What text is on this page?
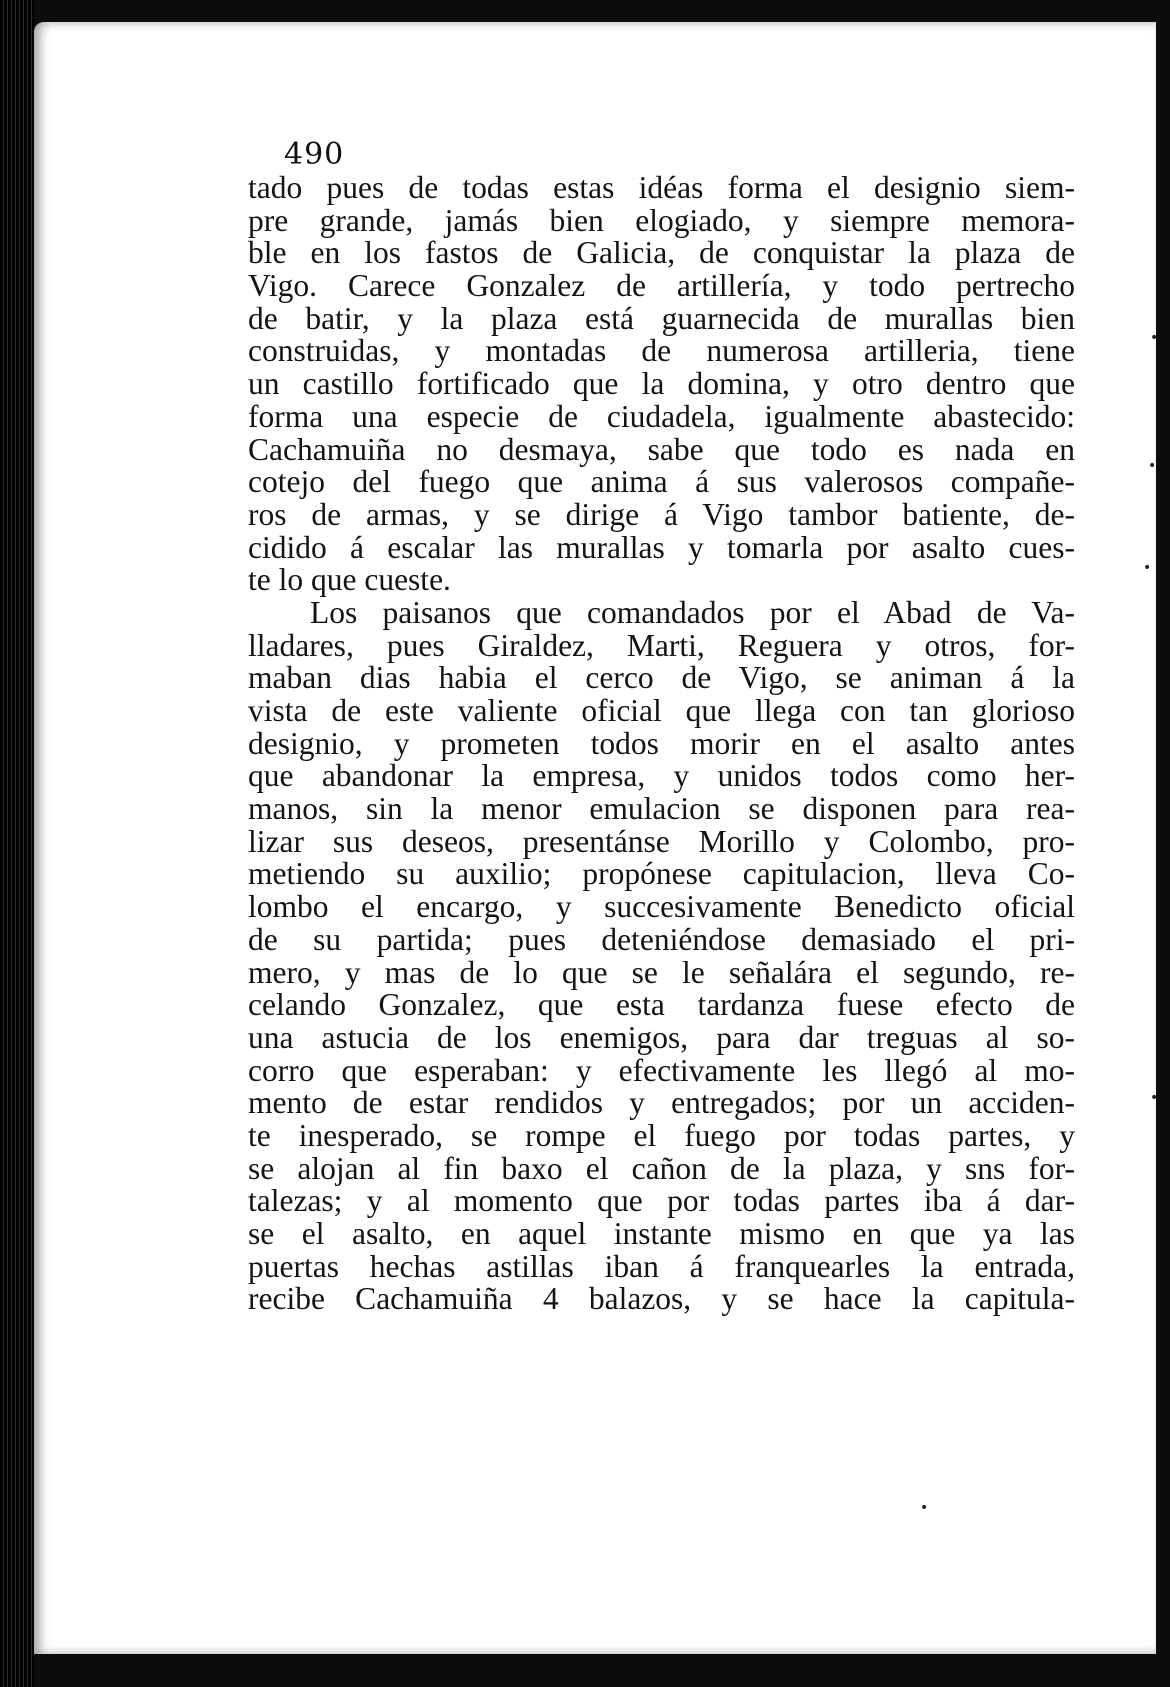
490
tado pues de todas estas idéas forma el designio siem-
pre grande, jamás bien elogiado, y siempre memora-
ble en los fastos de Galicia, de conquistar la plaza de
Vigo. Carece Gonzalez de artillería, y todo pertrecho
de batir, y la plaza está guarnecida de murallas bien
construidas, y montadas de numerosa artilleria, tiene
un castillo fortificado que la domina, y otro dentro que
forma una especie de ciudadela, igualmente abastecido:
Cachamuiña no desmaya, sabe que todo es nada en
cotejo del fuego que anima á sus valerosos compañe-
ros de armas, y se dirige á Vigo tambor batiente, de-
cidido á escalar las murallas y tomarla por asalto cues-
te lo que cueste.
Los paisanos que comandados por el Abad de Va-
lladares, pues Giraldez, Marti, Reguera y otros, for-
maban dias habia el cerco de Vigo, se animan á la
vista de este valiente oficial que llega con tan glorioso
designio, y prometen todos morir en el asalto antes
que abandonar la empresa, y unidos todos como her-
manos, sin la menor emulacion se disponen para rea-
lizar sus deseos, presentánse Morillo y Colombo, pro-
metiendo su auxilio; propónese capitulacion, lleva Co-
lombo el encargo, y succesivamente Benedicto oficial
de su partida; pues deteniéndose demasiado el pri-
mero, y mas de lo que se le señalára el segundo, re-
celando Gonzalez, que esta tardanza fuese efecto de
una astucia de los enemigos, para dar treguas al so-
corro que esperaban: y efectivamente les llegó al mo-
mento de estar rendidos y entregados; por un acciden-
te inesperado, se rompe el fuego por todas partes, y
se alojan al fin baxo el cañon de la plaza, y sns for-
talezas; y al momento que por todas partes iba á dar-
se el asalto, en aquel instante mismo en que ya las
puertas hechas astillas iban á franquearles la entrada,
recibe Cachamuiña 4 balazos, y se hace la capitula-
•
•
•
•
•
